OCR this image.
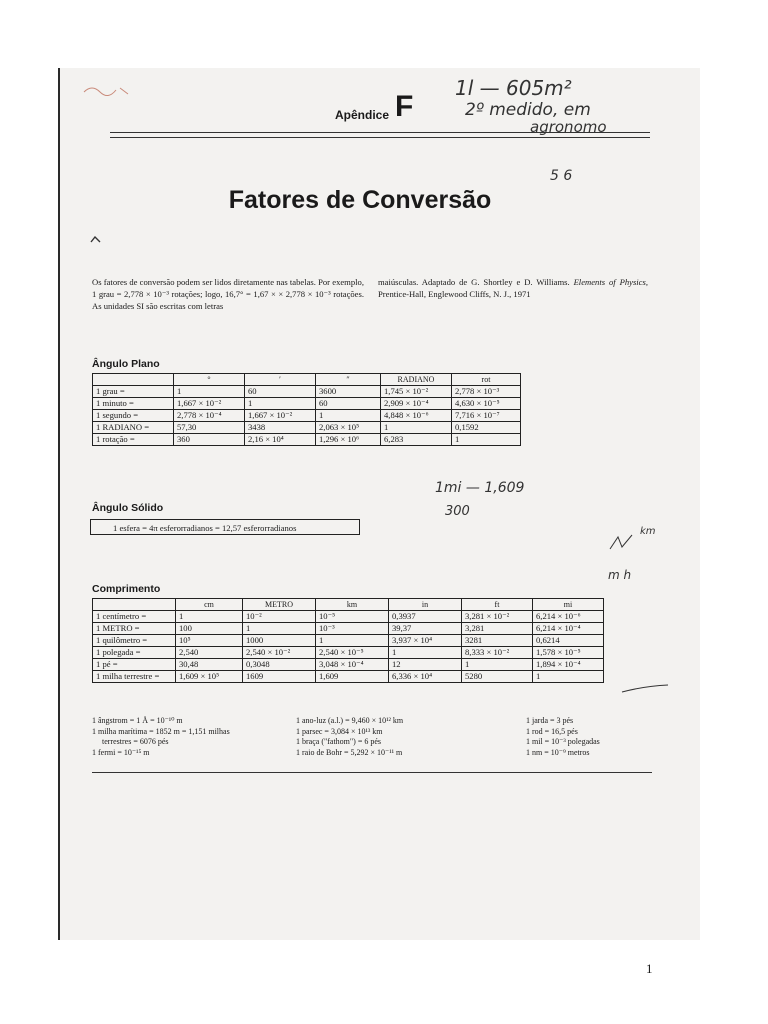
Apêndice F
1l — 605m²
2º medido, em
agronomo
5 6
Fatores de Conversão
Os fatores de conversão podem ser lidos diretamente nas tabelas. Por exemplo, 1 grau = 2,778 × 10⁻³ rotações; logo, 16,7° = 1,67 × × 2,778 × 10⁻³ rotações. As unidades SI são escritas com letras
maiúsculas. Adaptado de G. Shortley e D. Williams. Elements of Physics, Prentice-Hall, Englewood Cliffs, N. J., 1971
Ângulo Plano
	°	′	″	RADIANO	rot
1 grau =	1	60	3600	1,745 × 10⁻²	2,778 × 10⁻³
1 minuto =	1,667 × 10⁻²	1	60	2,909 × 10⁻⁴	4,630 × 10⁻⁵
1 segundo =	2,778 × 10⁻⁴	1,667 × 10⁻²	1	4,848 × 10⁻⁶	7,716 × 10⁻⁷
1 RADIANO =	57,30	3438	2,063 × 10⁵	1	0,1592
1 rotação =	360	2,16 × 10⁴	1,296 × 10⁶	6,283	1
1mi — 1,609
300
Ângulo Sólido
1 esfera = 4π esferorradianos = 12,57 esferorradianos	km
m h
Comprimento
	cm	METRO	km	in	ft	mi
1 centímetro =	1	10⁻²	10⁻⁵	0,3937	3,281 × 10⁻²	6,214 × 10⁻⁶
1 METRO =	100	1	10⁻³	39,37	3,281	6,214 × 10⁻⁴
1 quilômetro =	10⁵	1000	1	3,937 × 10⁴	3281	0,6214
1 polegada =	2,540	2,540 × 10⁻²	2,540 × 10⁻⁵	1	8,333 × 10⁻²	1,578 × 10⁻⁵
1 pé =	30,48	0,3048	3,048 × 10⁻⁴	12	1	1,894 × 10⁻⁴
1 milha terrestre =	1,609 × 10⁵	1609	1,609	6,336 × 10⁴	5280	1
1 ângstrom = 1 Å = 10⁻¹⁰ m
1 milha marítima = 1852 m = 1,151 milhas
terrestres = 6076 pés
1 fermi = 10⁻¹⁵ m
1 ano-luz (a.l.) = 9,460 × 10¹² km
1 parsec = 3,084 × 10¹³ km
1 braça ("fathom") = 6 pés
1 raio de Bohr = 5,292 × 10⁻¹¹ m
1 jarda = 3 pés
1 rod = 16,5 pés
1 mil = 10⁻³ polegadas
1 nm = 10⁻⁹ metros
1
